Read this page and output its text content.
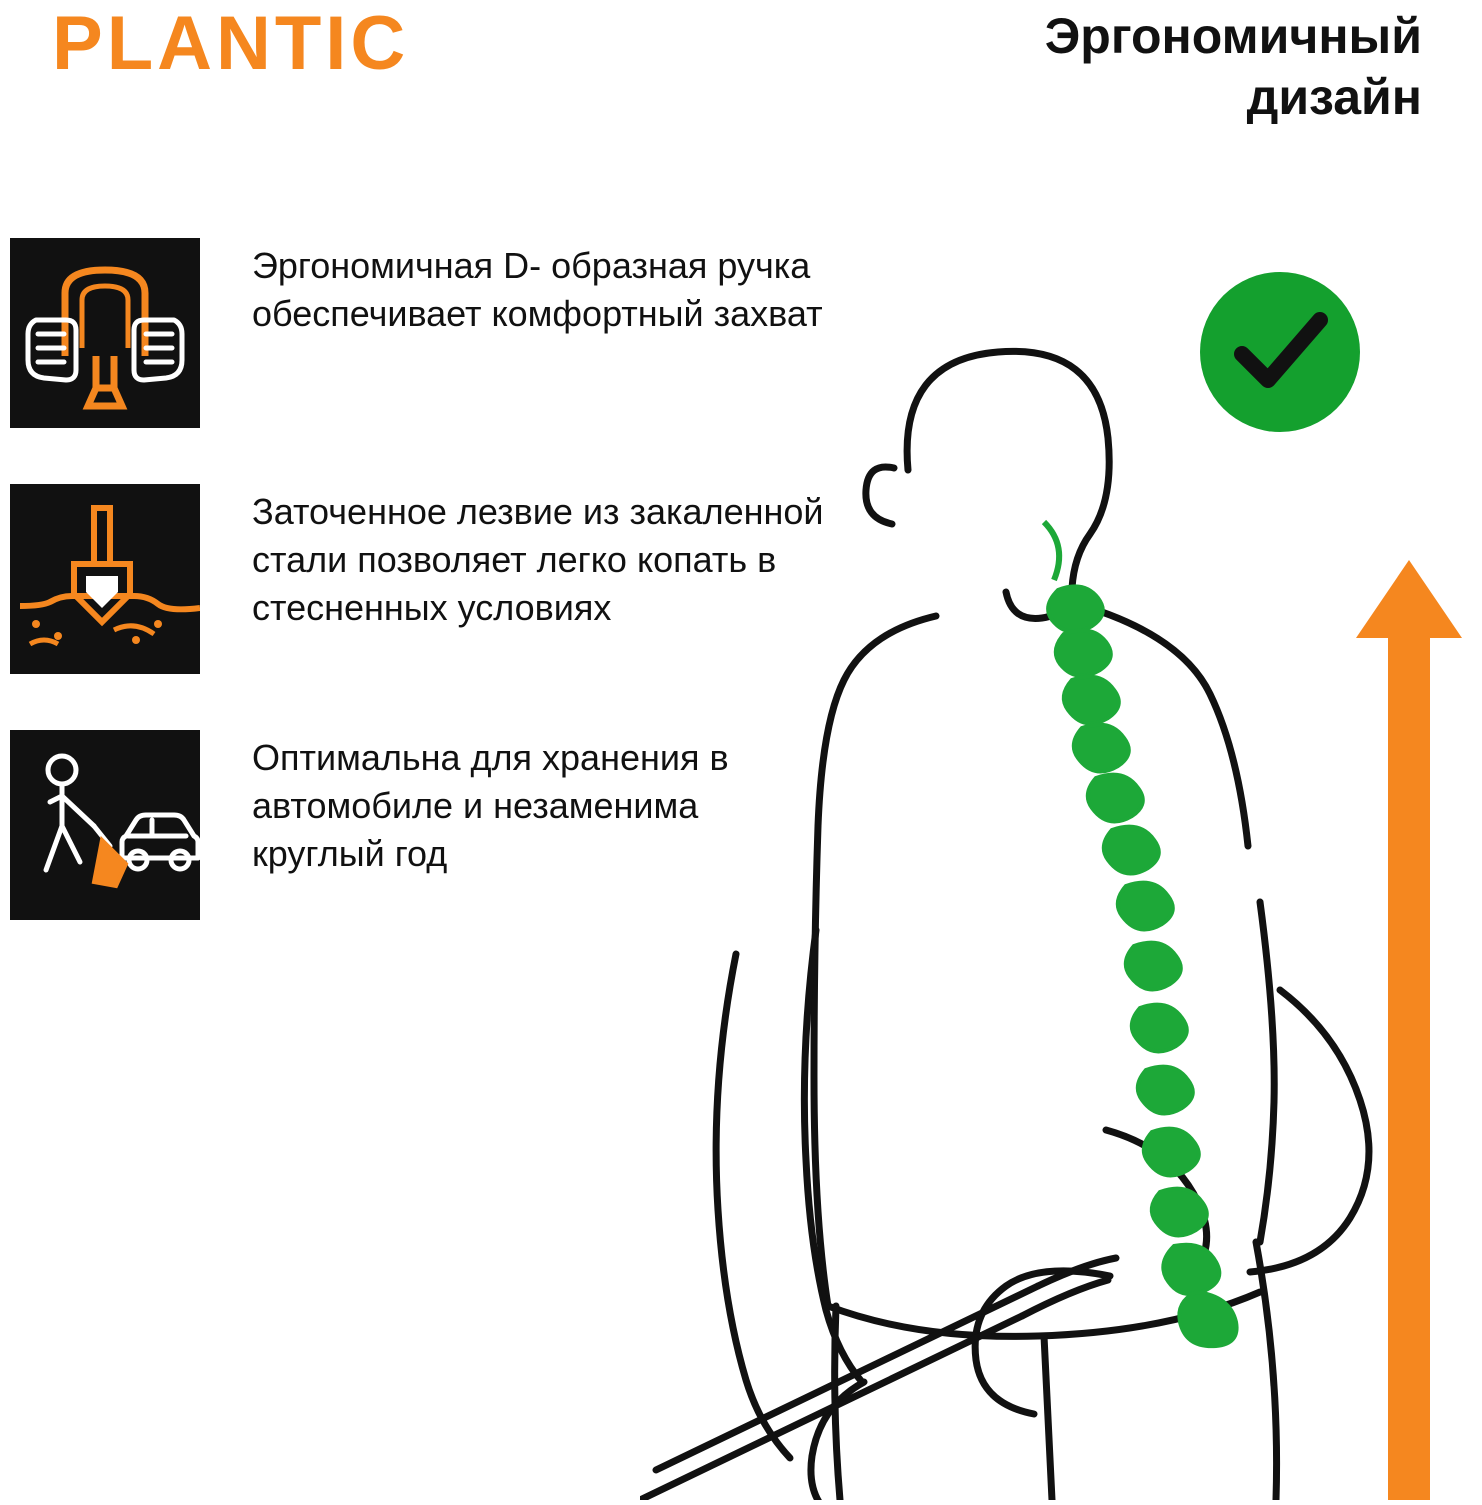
PLANTIC	Эргономичный
дизайн
Эргономичная D- образная ручка обеспечивает комфортный захват
Заточенное лезвие из закаленной стали позволяет легко копать в стесненных условиях
Оптимальна для хранения в автомобиле и незаменима круглый год
